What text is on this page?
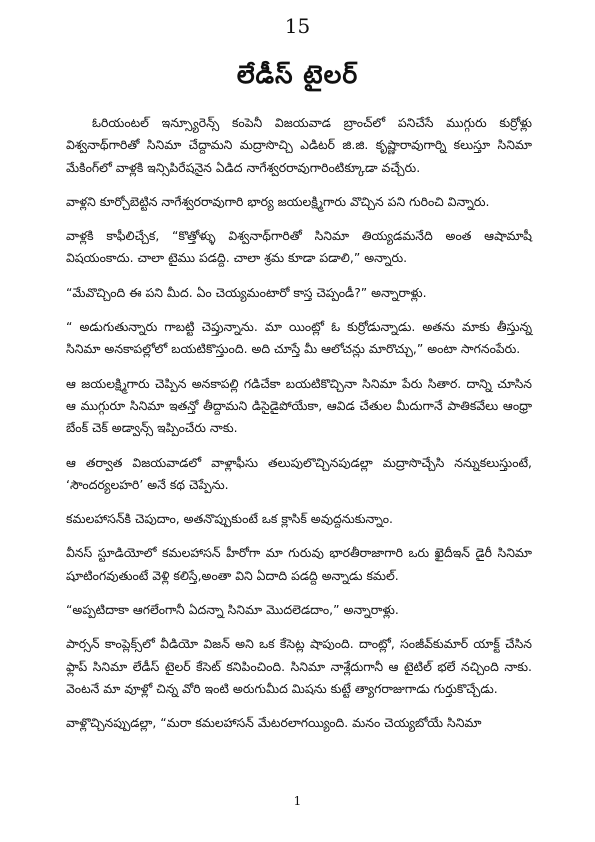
15
లేడీస్ టైలర్

ఓరియంటల్ ఇన్స్యూరెన్స్ కంపెనీ విజయవాడ బ్రాంచ్‌లో పనిచేసే ముగ్గురు కుర్రోళ్లు విశ్వనాథ్‌గారితో సినిమా చేద్దామని మద్రాసొచ్చి ఎడిటర్ జి.జి. కృష్ణారావుగార్ని కలుస్తూ సినిమా మేకింగ్‌లో వాళ్లకి ఇన్సిపిరేషనైన ఏడిద నాగేశ్వరరావుగారింటిక్కూడా వచ్చేరు.

వాళ్లని కూర్చోబెట్టిన నాగేశ్వరరావుగారి భార్య జయలక్ష్మిగారు వొచ్చిన పని గురించి విన్నారు.

వాళ్లకి కాఫీలిచ్చేక, “కొత్తోళ్ళు విశ్వనాథ్‌గారితో సినిమా తియ్యడమనేది అంత ఆషామాషీ విషయంకాదు. చాలా టైము పడద్ది. చాలా శ్రమ కూడా పడాలి,” అన్నారు.

“మేవొచ్చింది ఈ పని మీద. ఏం చెయ్యమంటారో కాస్త చెప్పండీ?” అన్నారాళ్లు.

“ అడుగుతున్నారు గాబట్టి చెప్తున్నాను. మా యింట్లో ఓ కుర్రోడున్నాడు. అతను మాకు తీస్తున్న సినిమా అనకాపల్లోలో బయటికొస్తుంది. అది చూస్తే మీ ఆలోచన్లు మారొచ్చు,” అంటా సాగనంపేరు.

ఆ జయలక్ష్మిగారు చెప్పిన అనకాపల్లి గడిచేకా బయటికొచ్చినా సినిమా పేరు సితార. దాన్ని చూసిన ఆ ముగ్గురూ సినిమా ఇతన్తో తీద్దామని డిసైడైపోయేకా, ఆవిడ చేతుల మీదుగానే పాతికవేలు ఆంధ్రా బేంక్ చెక్ అడ్వాన్స్ ఇప్పించేరు నాకు.

ఆ తర్వాత విజయవాడలో వాళ్లాఫీసు తలుపులొచ్చినపుడల్లా మద్రాసొచ్చేసి నన్నుకలుస్తుంటే, ‘సౌందర్యలహరి’ అనే కథ చెప్పేను.

కమలహాసన్‌కి చెపుదాం, అతనొప్పుకుంటే ఒక క్లాసిక్ అవుద్దనుకున్నాం.

వీనస్ స్టూడియోలో కమలహాసన్ హీరోగా మా గురువు భారతీరాజాగారి ఒరు ఖైదీఇన్ డైరీ సినిమా షూటింగవుతుంటే వెళ్లి కలిస్తే,అంతా విని ఏదాది పడద్ది అన్నాడు కమల్.

“అప్పటిదాకా ఆగలేంగానీ ఏదన్నా సినిమా మొదలెడదాం,” అన్నారాళ్లు.

పార్సన్ కాంప్లెక్స్‌లో వీడియో విజన్ అని ఒక కేసెట్ల షాపుంది. దాంట్లో, సంజీవ్‌కుమార్ యాక్ట్ చేసిన ఫ్లాప్ సినిమా లేడీస్ టైలర్ కేసెట్ కనిపించింది. సినిమా నాశ్లేదుగానీ ఆ టైటిల్ భలే నచ్చింది నాకు. వెంటనే మా వూళ్లో చిన్న వోరి ఇంటి అరుగుమీద మిషను కుట్టే త్యాగరాజుగాడు గుర్తుకొచ్చేడు.

వాళ్లొచ్చినప్పుడల్లా, “మరా కమలహాసన్ మేటరలాగయ్యింది. మనం చెయ్యబోయే సినిమా

1
